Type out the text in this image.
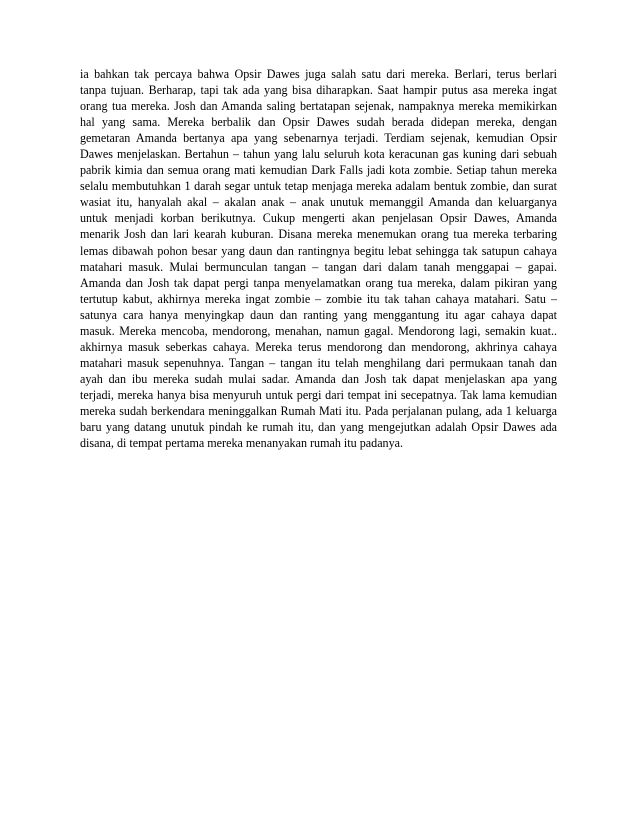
ia bahkan tak percaya bahwa Opsir Dawes juga salah satu dari mereka. Berlari, terus berlari
tanpa tujuan. Berharap, tapi tak ada yang bisa diharapkan. Saat hampir putus asa mereka ingat
orang tua mereka. Josh dan Amanda saling bertatapan sejenak, nampaknya mereka memikirkan
hal yang sama. Mereka berbalik dan Opsir Dawes sudah berada didepan mereka, dengan
gemetaran Amanda bertanya apa yang sebenarnya terjadi. Terdiam sejenak, kemudian Opsir
Dawes menjelaskan. Bertahun – tahun yang lalu seluruh kota keracunan gas kuning dari sebuah
pabrik kimia dan semua orang mati kemudian Dark Falls jadi kota zombie. Setiap tahun mereka
selalu membutuhkan 1 darah segar untuk tetap menjaga mereka adalam bentuk zombie, dan surat
wasiat itu, hanyalah akal – akalan anak – anak unutuk memanggil Amanda dan keluarganya
untuk menjadi korban berikutnya. Cukup mengerti akan penjelasan Opsir Dawes, Amanda
menarik Josh dan lari kearah kuburan. Disana mereka menemukan orang tua mereka terbaring
lemas dibawah pohon besar yang daun dan rantingnya begitu lebat sehingga tak satupun cahaya
matahari masuk. Mulai bermunculan tangan – tangan dari dalam tanah menggapai – gapai.
Amanda dan Josh tak dapat pergi tanpa menyelamatkan orang tua mereka, dalam pikiran yang
tertutup kabut, akhirnya mereka ingat zombie – zombie itu tak tahan cahaya matahari. Satu –
satunya cara hanya menyingkap daun dan ranting yang menggantung itu agar cahaya dapat
masuk. Mereka mencoba, mendorong, menahan, namun gagal. Mendorong lagi, semakin kuat..
akhirnya masuk seberkas cahaya. Mereka terus mendorong dan mendorong, akhrinya cahaya
matahari masuk sepenuhnya. Tangan – tangan itu telah menghilang dari permukaan tanah dan
ayah dan ibu mereka sudah mulai sadar. Amanda dan Josh tak dapat menjelaskan apa yang
terjadi, mereka hanya bisa menyuruh untuk pergi dari tempat ini secepatnya. Tak lama kemudian
mereka sudah berkendara meninggalkan Rumah Mati itu. Pada perjalanan pulang, ada 1 keluarga
baru yang datang unutuk pindah ke rumah itu, dan yang mengejutkan adalah Opsir Dawes ada
disana, di tempat pertama mereka menanyakan rumah itu padanya.
